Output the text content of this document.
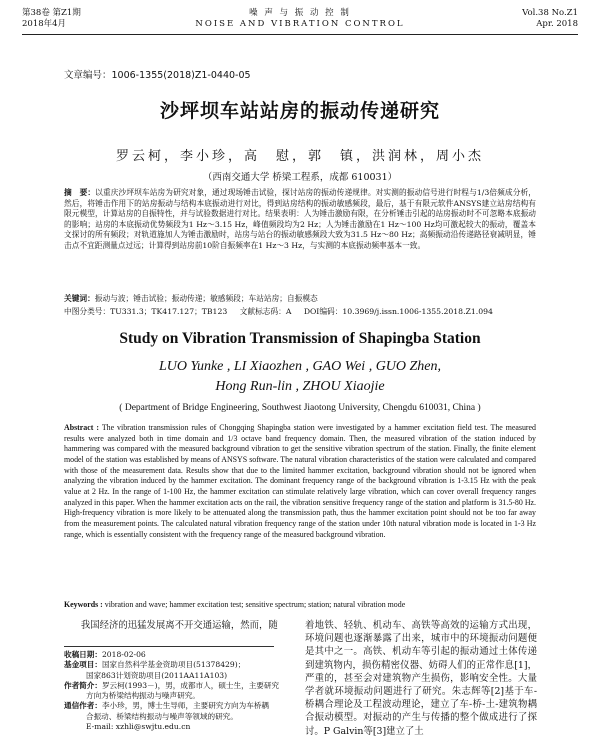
第38卷 第Z1期
2018年4月
噪 声 与 振 动 控 制
NOISE AND VIBRATION CONTROL
Vol.38 No.Z1
Apr. 2018
文章编号：1006-1355(2018)Z1-0440-05
沙坪坝车站站房的振动传递研究
罗云柯，李小珍，高　慰，郭　镇，洪润林，周小杰
（西南交通大学 桥梁工程系，成都 610031）
摘　要：以重庆沙坪坝车站房为研究对象，通过现场锤击试验，探讨站房的振动传递规律。对实测的振动信号进行时程与1/3倍频成分析，然后，将锤击作用下的站房振动与结构本底振动进行对比，得到站房结构的振动敏感频段，最后，基于有限元软件ANSYS建立站房结构有限元模型，计算站房的自振特性，并与试验数据进行对比。结果表明：人为锤击激励有限，在分析锤击引起的站房振动时不可忽略本底振动的影响；站房的本底振动优势频段为1 Hz～3.15 Hz，峰值频段均为2 Hz；人为锤击激励在1 Hz～100 Hz均可激起较大的振动，覆盖本文探讨的所有频段；对轨道施加人为锤击激励时，站房与站台的振动敏感频段大致为31.5 Hz～80 Hz；高频振动沿传递路径衰减明显，锤击点不宜距测量点过远；计算得到站房前10阶自振频率在1 Hz～3 Hz，与实测的本底振动频率基本一致。
关键词：振动与波；锤击试验；振动传递；敏感频段；车站站房；自振模态
中图分类号：TU331.3；TK417.127；TB123 文献标志码：A DOI编码：10.3969/j.issn.1006-1355.2018.Z1.094
Study on Vibration Transmission of Shapingba Station
LUO Yunke , LI Xiaozhen , GAO Wei , GUO Zhen,
Hong Run-lin , ZHOU Xiaojie
( Department of Bridge Engineering, Southwest Jiaotong University, Chengdu 610031, China )
Abstract : The vibration transmission rules of Chongqing Shapingba station were investigated by a hammer excitation field test. The measured results were analyzed both in time domain and 1/3 octave band frequency domain. Then, the measured vibration of the station induced by hammering was compared with the measured background vibration to get the sensitive vibration spectrum of the station. Finally, the finite element model of the station was established by means of ANSYS software. The natural vibration characteristics of the station were calculated and compared with those of the measurement data. Results show that due to the limited hammer excitation, background vibration should not be ignored when analyzing the vibration induced by the hammer excitation. The dominant frequency range of the background vibration is 1-3.15 Hz with the peak value at 2 Hz. In the range of 1-100 Hz, the hammer excitation can stimulate relatively large vibration, which can cover overall frequency ranges analyzed in this paper. When the hammer excitation acts on the rail, the vibration sensitive frequency range of the station and platform is 31.5-80 Hz. High-frequency vibration is more likely to be attenuated along the transmission path, thus the hammer excitation point should not be too far away from the measurement points. The calculated natural vibration frequency range of the station under 10th natural vibration mode is located in 1-3 Hz range, which is essentially consistent with the frequency range of the measured background vibration.
Keywords : vibration and wave; hammer excitation test; sensitive spectrum; station; natural vibration mode

我国经济的迅猛发展离不开交通运输，然而，随

收稿日期：2018-02-06

基金项目：国家自然科学基金资助项目(51378429)；

国家863计划资助项目(2011AA11A103)

作者简介：罗云柯(1993－)，男，成都市人，硕士生，主要研究

方向为桥梁结构振动与噪声研究。

通信作者：李小珍，男，博士生导师，主要研究方向为车桥耦

合振动、桥梁结构振动与噪声等领域的研究。

E-mail: xzhli@swjtu.edu.cn

着地铁、轻轨、机动车、高铁等高效的运输方式出现，环境问题也逐渐暴露了出来，城市中的环境振动问题便是其中之一。高铁、机动车等引起的振动通过土体传递到建筑物内，损伤精密仪器、妨碍人们的正常作息[1]，严重的，甚至会对建筑物产生损伤，影响安全性。大量学者就环境振动问题进行了研究。朱志辉等[2]基于车-桥耦合理论及工程波动理论，建立了车-桥-土-建筑物耦合振动模型。对振动的产生与传播的整个做成进行了探讨。P Galvin等[3]建立了土
